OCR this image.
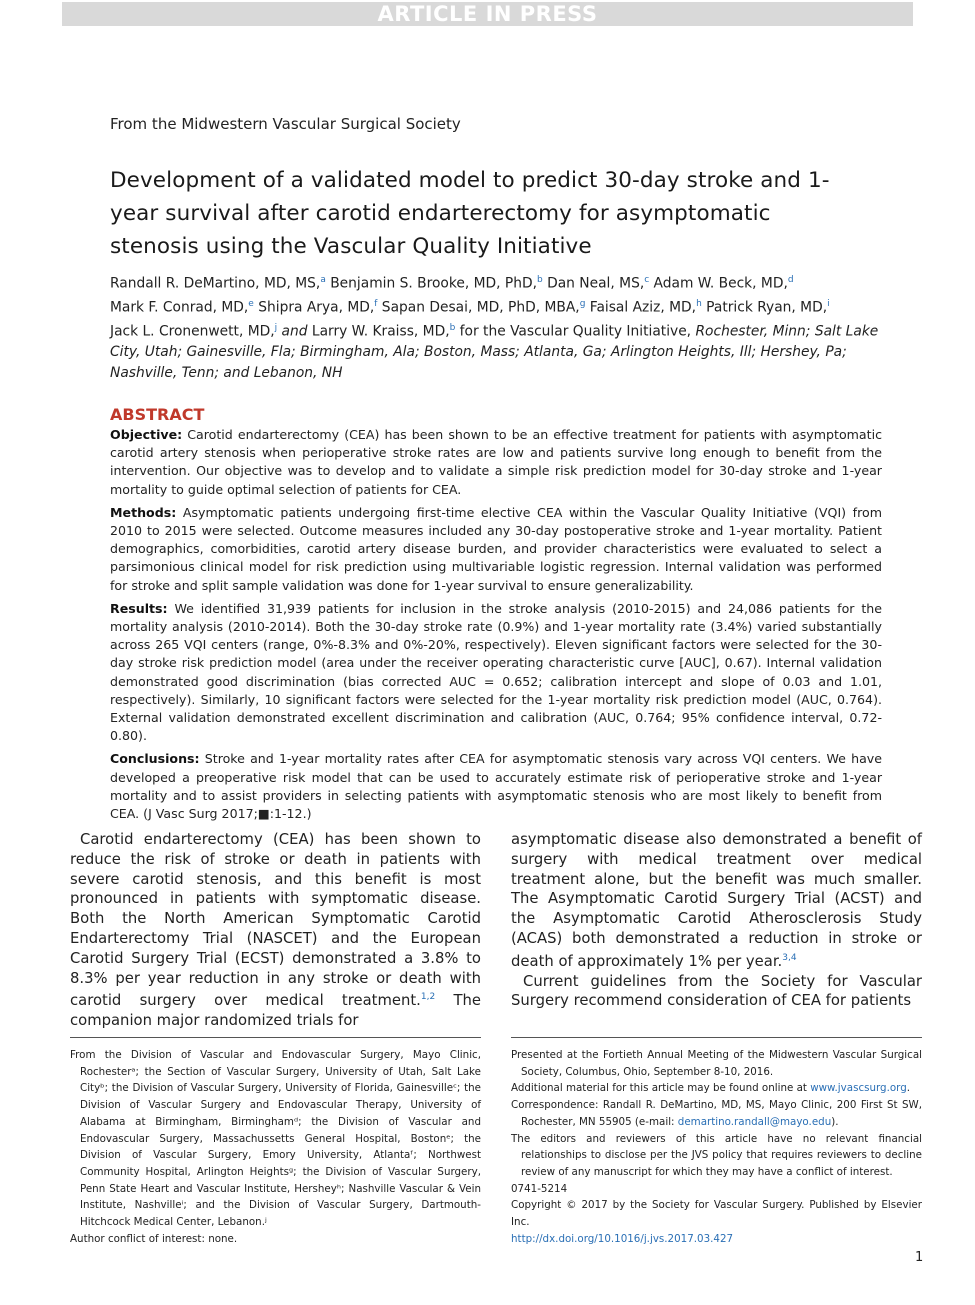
ARTICLE IN PRESS
From the Midwestern Vascular Surgical Society
Development of a validated model to predict 30-day stroke and 1-year survival after carotid endarterectomy for asymptomatic stenosis using the Vascular Quality Initiative
Randall R. DeMartino, MD, MS,$^a$ Benjamin S. Brooke, MD, PhD,$^b$ Dan Neal, MS,$^c$ Adam W. Beck, MD,$^d$
Mark F. Conrad, MD,$^e$ Shipra Arya, MD,$^f$ Sapan Desai, MD, PhD, MBA,$^g$ Faisal Aziz, MD,$^h$ Patrick Ryan, MD,$^i$
Jack L. Cronenwett, MD,$^j$ and Larry W. Kraiss, MD,$^b$ for the Vascular Quality Initiative, Rochester, Minn; Salt Lake City, Utah; Gainesville, Fla; Birmingham, Ala; Boston, Mass; Atlanta, Ga; Arlington Heights, Ill; Hershey, Pa; Nashville, Tenn; and Lebanon, NH
ABSTRACT

Objective: Carotid endarterectomy (CEA) has been shown to be an effective treatment for patients with asymptomatic carotid artery stenosis when perioperative stroke rates are low and patients survive long enough to benefit from the intervention. Our objective was to develop and to validate a simple risk prediction model for 30-day stroke and 1-year mortality to guide optimal selection of patients for CEA.

Methods: Asymptomatic patients undergoing first-time elective CEA within the Vascular Quality Initiative (VQI) from 2010 to 2015 were selected. Outcome measures included any 30-day postoperative stroke and 1-year mortality. Patient demographics, comorbidities, carotid artery disease burden, and provider characteristics were evaluated to select a parsimonious clinical model for risk prediction using multivariable logistic regression. Internal validation was performed for stroke and split sample validation was done for 1-year survival to ensure generalizability.

Results: We identified 31,939 patients for inclusion in the stroke analysis (2010-2015) and 24,086 patients for the mortality analysis (2010-2014). Both the 30-day stroke rate (0.9%) and 1-year mortality rate (3.4%) varied substantially across 265 VQI centers (range, 0%-8.3% and 0%-20%, respectively). Eleven significant factors were selected for the 30-day stroke risk prediction model (area under the receiver operating characteristic curve [AUC], 0.67). Internal validation demonstrated good discrimination (bias corrected AUC = 0.652; calibration intercept and slope of 0.03 and 1.01, respectively). Similarly, 10 significant factors were selected for the 1-year mortality risk prediction model (AUC, 0.764). External validation demonstrated excellent discrimination and calibration (AUC, 0.764; 95% confidence interval, 0.72-0.80).

Conclusions: Stroke and 1-year mortality rates after CEA for asymptomatic stenosis vary across VQI centers. We have developed a preoperative risk model that can be used to accurately estimate risk of perioperative stroke and 1-year mortality and to assist providers in selecting patients with asymptomatic stenosis who are most likely to benefit from CEA. (J Vasc Surg 2017;■:1-12.)

Carotid endarterectomy (CEA) has been shown to reduce the risk of stroke or death in patients with severe carotid stenosis, and this benefit is most pronounced in patients with symptomatic disease. Both the North American Symptomatic Carotid Endarterectomy Trial (NASCET) and the European Carotid Surgery Trial (ECST) demonstrated a 3.8% to 8.3% per year reduction in any stroke or death with carotid surgery over medical treatment.$^{1,2}$ The companion major randomized trials for

asymptomatic disease also demonstrated a benefit of surgery with medical treatment over medical treatment alone, but the benefit was much smaller. The Asymptomatic Carotid Surgery Trial (ACST) and the Asymptomatic Carotid Atherosclerosis Study (ACAS) both demonstrated a reduction in stroke or death of approximately 1% per year.$^{3,4}$

Current guidelines from the Society for Vascular Surgery recommend consideration of CEA for patients

From the Division of Vascular and Endovascular Surgery, Mayo Clinic, Rochesterᵃ; the Section of Vascular Surgery, University of Utah, Salt Lake Cityᵇ; the Division of Vascular Surgery, University of Florida, Gainesvilleᶜ; the Division of Vascular Surgery and Endovascular Therapy, University of Alabama at Birmingham, Birminghamᵈ; the Division of Vascular and Endovascular Surgery, Massachussetts General Hospital, Bostonᵉ; the Division of Vascular Surgery, Emory University, Atlantaᶠ; Northwest Community Hospital, Arlington Heightsᵍ; the Division of Vascular Surgery, Penn State Heart and Vascular Institute, Hersheyʰ; Nashville Vascular & Vein Institute, Nashvilleⁱ; and the Division of Vascular Surgery, Dartmouth-Hitchcock Medical Center, Lebanon.ʲ

Author conflict of interest: none.

Presented at the Fortieth Annual Meeting of the Midwestern Vascular Surgical Society, Columbus, Ohio, September 8-10, 2016.

Additional material for this article may be found online at www.jvascsurg.org.

Correspondence: Randall R. DeMartino, MD, MS, Mayo Clinic, 200 First St SW, Rochester, MN 55905 (e-mail: demartino.randall@mayo.edu).

The editors and reviewers of this article have no relevant financial relationships to disclose per the JVS policy that requires reviewers to decline review of any manuscript for which they may have a conflict of interest.

0741-5214

Copyright © 2017 by the Society for Vascular Surgery. Published by Elsevier Inc.

http://dx.doi.org/10.1016/j.jvs.2017.03.427

1
